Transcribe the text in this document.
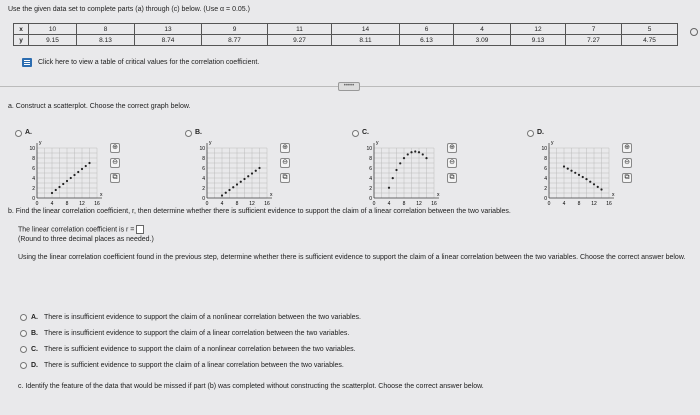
Use the given data set to complete parts (a) through (c) below. (Use α = 0.05.)
x	10	8	13	9	11	14	6	4	12	7	5
y	9.15	8.13	8.74	8.77	9.27	8.11	6.13	3.09	9.13	7.27	4.75
Click here to view a table of critical values for the correlation coefficient.
•••••
a. Construct a scatterplot. Choose the correct graph below.
A.
y
x
0 4 8 12 16
0
2
4
6
8
10	⊕
⊖
⧉
B.
y
x
0 4 8 12 16
0
2
4
6
8
10	⊕
⊖
⧉
C.
y
x
0 4 8 12 16
0
2
4
6
8
10	⊕
⊖
⧉
D.
y
x
0 4 8 12 16
0
2
4
6
8
10	⊕
⊖
⧉
b. Find the linear correlation coefficient, r, then determine whether there is sufficient evidence to support the claim of a linear correlation between the two variables.
The linear correlation coefficient is r =
(Round to three decimal places as needed.)
Using the linear correlation coefficient found in the previous step, determine whether there is sufficient evidence to support the claim of a linear correlation between the two variables. Choose the correct answer below.
A. There is insufficient evidence to support the claim of a nonlinear correlation between the two variables.
B. There is insufficient evidence to support the claim of a linear correlation between the two variables.
C. There is sufficient evidence to support the claim of a nonlinear correlation between the two variables.
D. There is sufficient evidence to support the claim of a linear correlation between the two variables.
c. Identify the feature of the data that would be missed if part (b) was completed without constructing the scatterplot. Choose the correct answer below.
